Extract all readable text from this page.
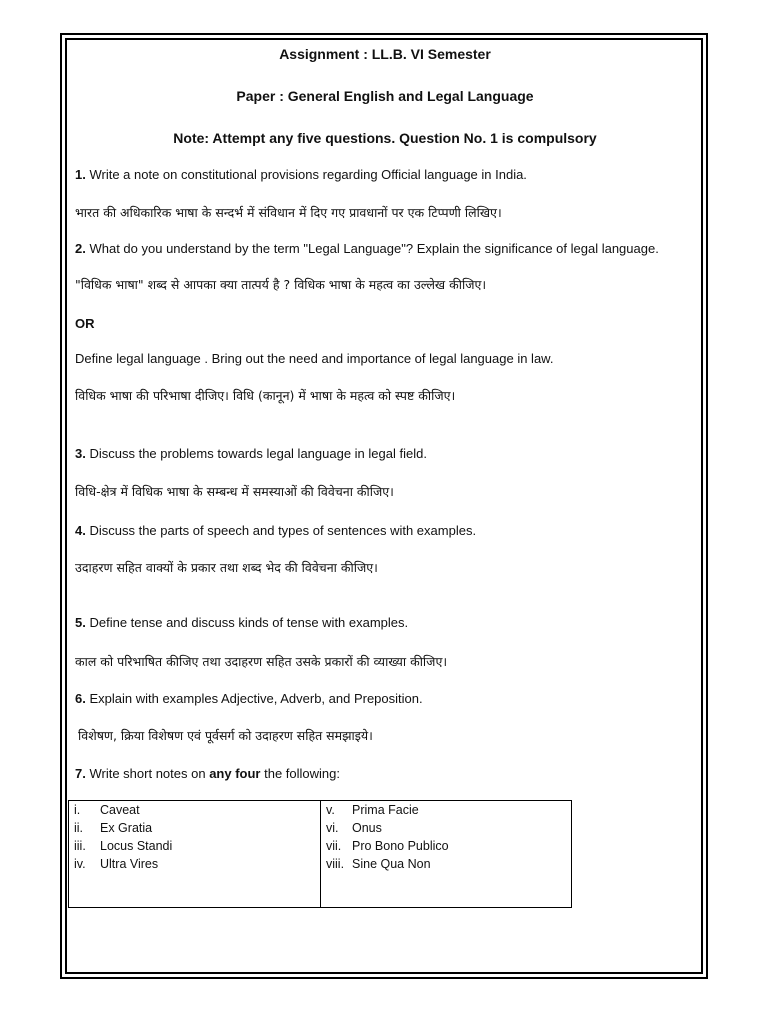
Assignment : LL.B. VI Semester
Paper : General English and Legal Language
Note: Attempt any five questions. Question No. 1 is compulsory
1. Write a note on constitutional provisions regarding Official language in India.
भारत की अधिकारिक भाषा के सन्दर्भ में संविधान में दिए गए प्रावधानों पर एक टिप्पणी लिखिए।
2. What do you understand by the term "Legal Language"? Explain the significance of legal language.
"विधिक भाषा" शब्द से आपका क्या तात्पर्य है ? विधिक भाषा के महत्व का उल्लेख कीजिए।
OR
Define legal language . Bring out the need and importance of legal language in law.
विधिक भाषा की परिभाषा दीजिए। विधि (कानून) में भाषा के महत्व को स्पष्ट कीजिए।
3. Discuss the problems towards legal language in legal field.
विधि-क्षेत्र में विधिक भाषा के सम्बन्ध में समस्याओं की विवेचना कीजिए।
4. Discuss the parts of speech and types of sentences with examples.
उदाहरण सहित वाक्यों के प्रकार तथा शब्द भेद की विवेचना कीजिए।
5. Define tense and discuss kinds of tense with examples.
काल को परिभाषित कीजिए तथा उदाहरण सहित उसके प्रकारों की व्याख्या कीजिए।
6. Explain with examples Adjective, Adverb, and Preposition.
विशेषण, क्रिया विशेषण एवं पूर्वसर्ग को उदाहरण सहित समझाइये।
7. Write short notes on any four the following:
i. Caveat
ii. Ex Gratia
iii. Locus Standi
iv. Ultra Vires
v. Prima Facie
vi. Onus
vii. Pro Bono Publico
viii. Sine Qua Non
